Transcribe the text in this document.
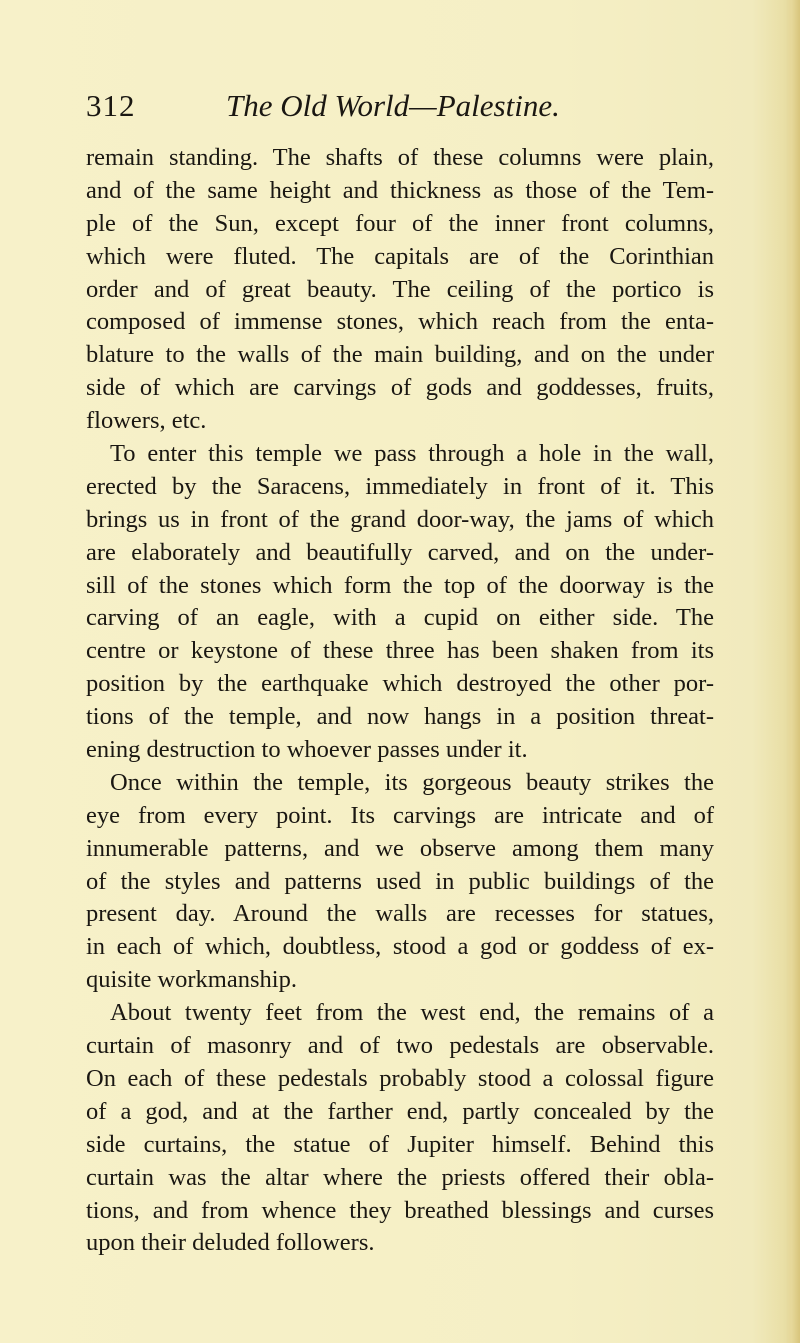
312	The Old World—Palestine.
remain standing. The shafts of these columns were plain,
and of the same height and thickness as those of the Tem-
ple of the Sun, except four of the inner front columns,
which were fluted. The capitals are of the Corinthian
order and of great beauty. The ceiling of the portico is
composed of immense stones, which reach from the enta-
blature to the walls of the main building, and on the under
side of which are carvings of gods and goddesses, fruits,
flowers, etc.
To enter this temple we pass through a hole in the wall,
erected by the Saracens, immediately in front of it. This
brings us in front of the grand door-way, the jams of which
are elaborately and beautifully carved, and on the under-
sill of the stones which form the top of the doorway is the
carving of an eagle, with a cupid on either side. The
centre or keystone of these three has been shaken from its
position by the earthquake which destroyed the other por-
tions of the temple, and now hangs in a position threat-
ening destruction to whoever passes under it.
Once within the temple, its gorgeous beauty strikes the
eye from every point. Its carvings are intricate and of
innumerable patterns, and we observe among them many
of the styles and patterns used in public buildings of the
present day. Around the walls are recesses for statues,
in each of which, doubtless, stood a god or goddess of ex-
quisite workmanship.
About twenty feet from the west end, the remains of a
curtain of masonry and of two pedestals are observable.
On each of these pedestals probably stood a colossal figure
of a god, and at the farther end, partly concealed by the
side curtains, the statue of Jupiter himself. Behind this
curtain was the altar where the priests offered their obla-
tions, and from whence they breathed blessings and curses
upon their deluded followers.
